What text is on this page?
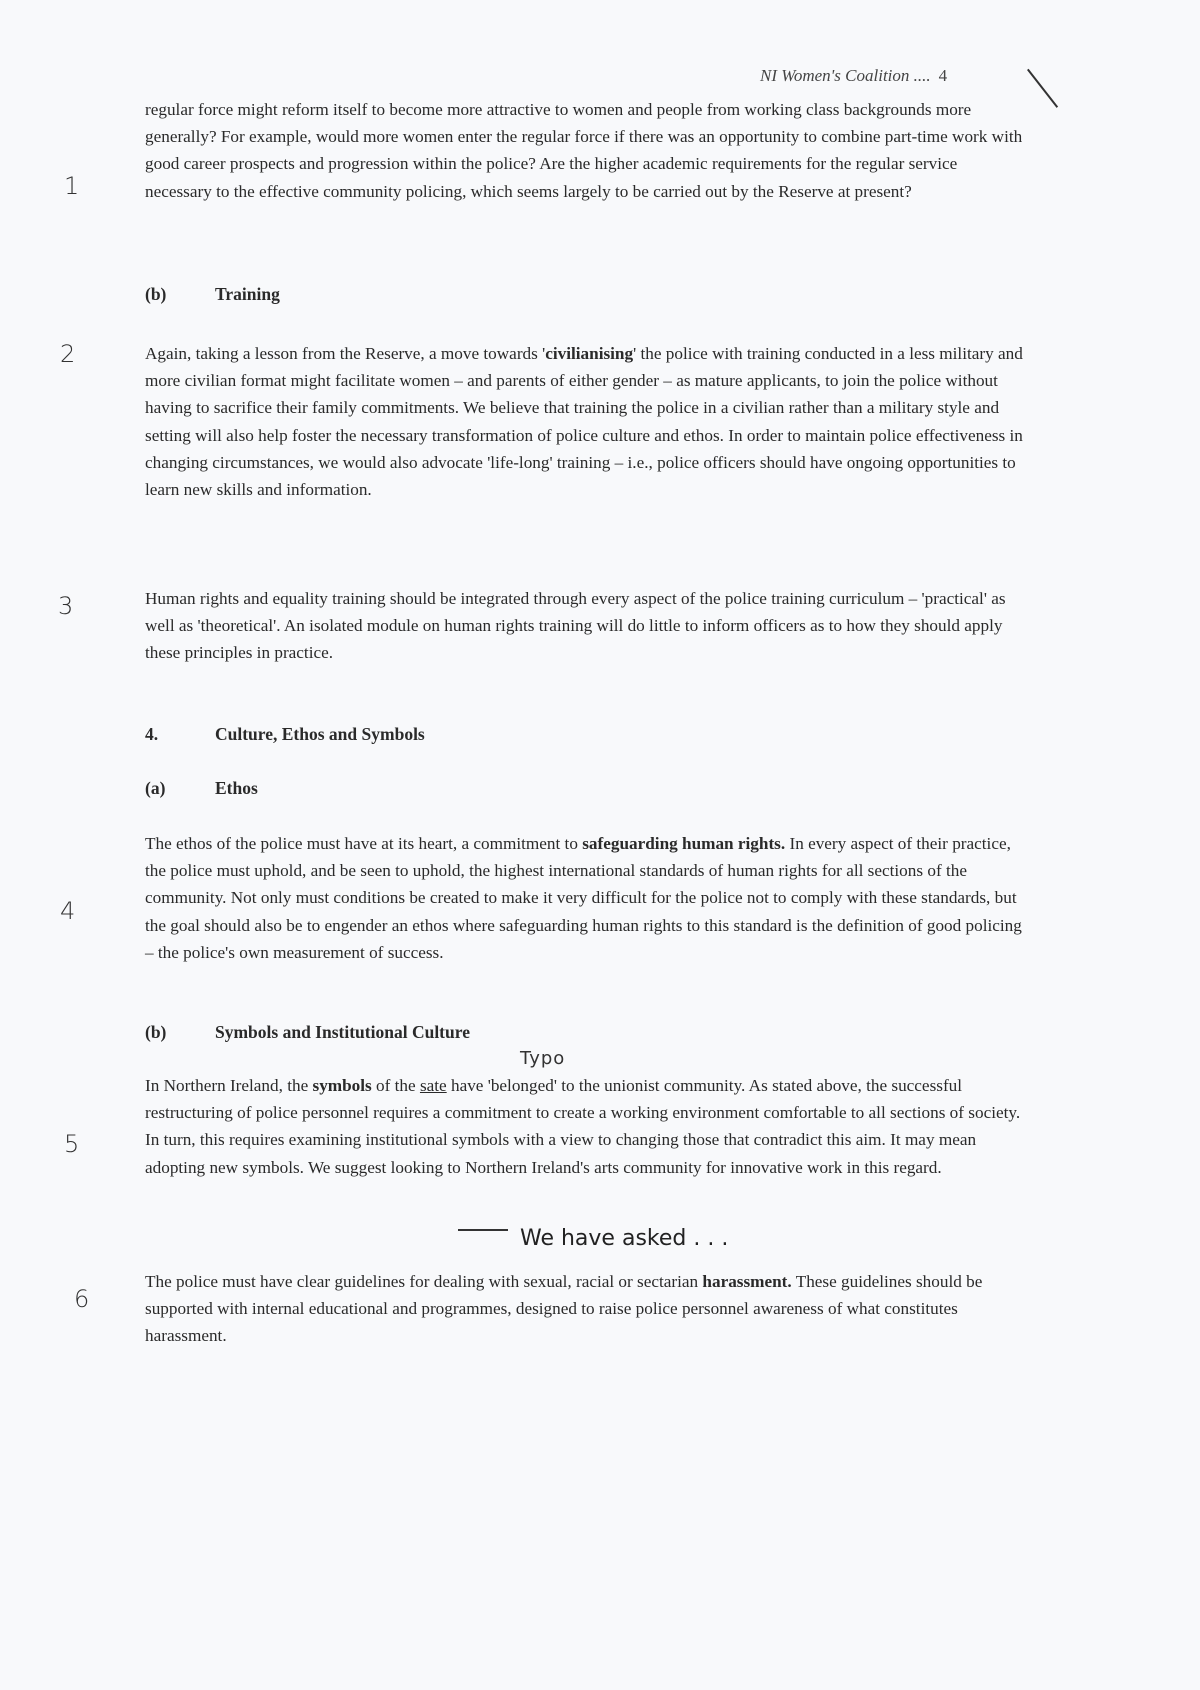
NI Women's Coalition .... 4
1
2
3
4
5
6
regular force might reform itself to become more attractive to women and people from working class backgrounds more generally? For example, would more women enter the regular force if there was an opportunity to combine part-time work with good career prospects and progression within the police? Are the higher academic requirements for the regular service necessary to the effective community policing, which seems largely to be carried out by the Reserve at present?
(b)	Training
Again, taking a lesson from the Reserve, a move towards 'civilianising' the police with training conducted in a less military and more civilian format might facilitate women – and parents of either gender – as mature applicants, to join the police without having to sacrifice their family commitments. We believe that training the police in a civilian rather than a military style and setting will also help foster the necessary transformation of police culture and ethos. In order to maintain police effectiveness in changing circumstances, we would also advocate 'life-long' training – i.e., police officers should have ongoing opportunities to learn new skills and information.
Human rights and equality training should be integrated through every aspect of the police training curriculum – 'practical' as well as 'theoretical'. An isolated module on human rights training will do little to inform officers as to how they should apply these principles in practice.
4.	Culture, Ethos and Symbols
(a)	Ethos
The ethos of the police must have at its heart, a commitment to safeguarding human rights. In every aspect of their practice, the police must uphold, and be seen to uphold, the highest international standards of human rights for all sections of the community. Not only must conditions be created to make it very difficult for the police not to comply with these standards, but the goal should also be to engender an ethos where safeguarding human rights to this standard is the definition of good policing – the police's own measurement of success.
(b)	Symbols and Institutional Culture
Typo
In Northern Ireland, the symbols of the sate have 'belonged' to the unionist community. As stated above, the successful restructuring of police personnel requires a commitment to create a working environment comfortable to all sections of society. In turn, this requires examining institutional symbols with a view to changing those that contradict this aim. It may mean adopting new symbols. We suggest looking to Northern Ireland's arts community for innovative work in this regard.
We have asked . . .
The police must have clear guidelines for dealing with sexual, racial or sectarian harassment. These guidelines should be supported with internal educational and programmes, designed to raise police personnel awareness of what constitutes harassment.
